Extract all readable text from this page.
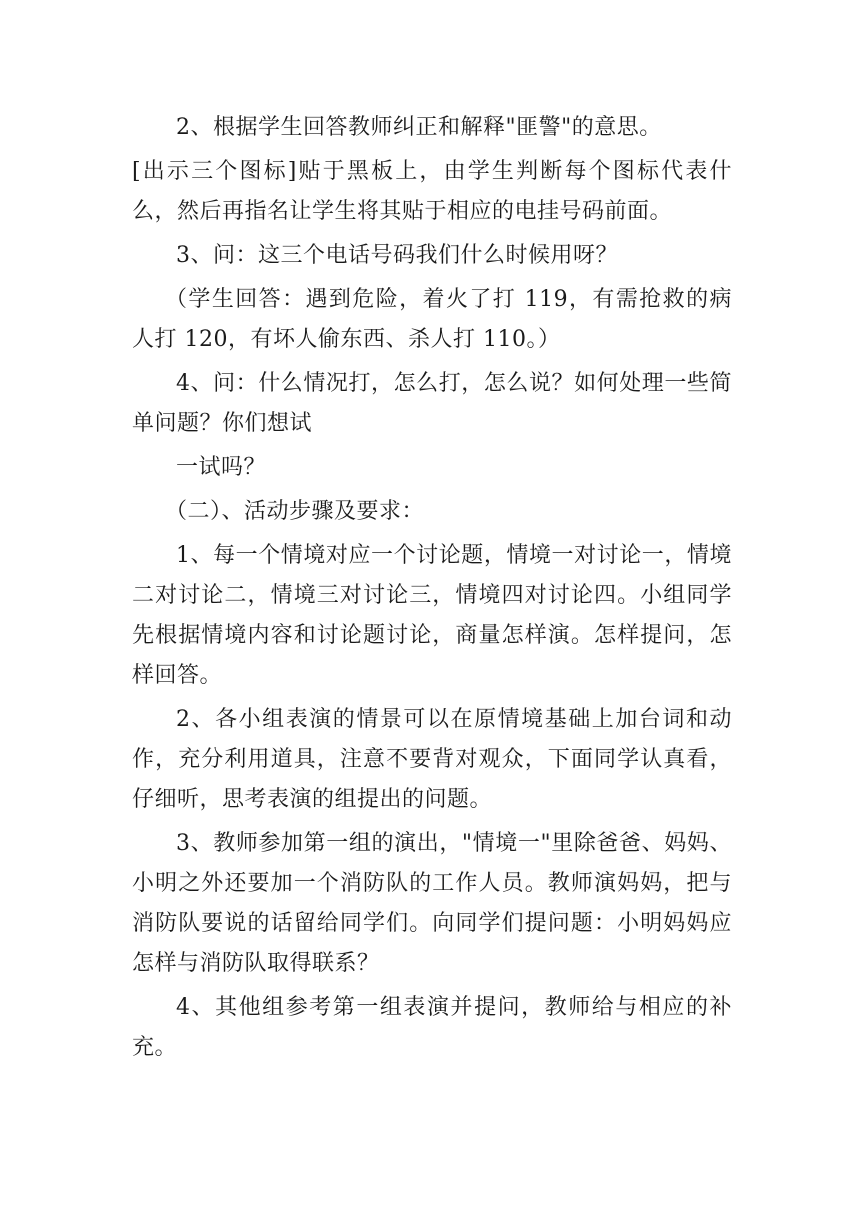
2、根据学生回答教师纠正和解释"匪警"的意思。

[出示三个图标]贴于黑板上，由学生判断每个图标代表什么，然后再指名让学生将其贴于相应的电挂号码前面。

3、问：这三个电话号码我们什么时候用呀？

（学生回答：遇到危险，着火了打 119，有需抢救的病人打 120，有坏人偷东西、杀人打 110。）

4、问：什么情况打，怎么打，怎么说？如何处理一些简单问题？你们想试

一试吗？

（二）、活动步骤及要求：

1、每一个情境对应一个讨论题，情境一对讨论一，情境二对讨论二，情境三对讨论三，情境四对讨论四。小组同学先根据情境内容和讨论题讨论，商量怎样演。怎样提问，怎样回答。

2、各小组表演的情景可以在原情境基础上加台词和动作，充分利用道具，注意不要背对观众，下面同学认真看，仔细听，思考表演的组提出的问题。

3、教师参加第一组的演出，"情境一"里除爸爸、妈妈、小明之外还要加一个消防队的工作人员。教师演妈妈，把与消防队要说的话留给同学们。向同学们提问题：小明妈妈应怎样与消防队取得联系？

4、其他组参考第一组表演并提问，教师给与相应的补充。
